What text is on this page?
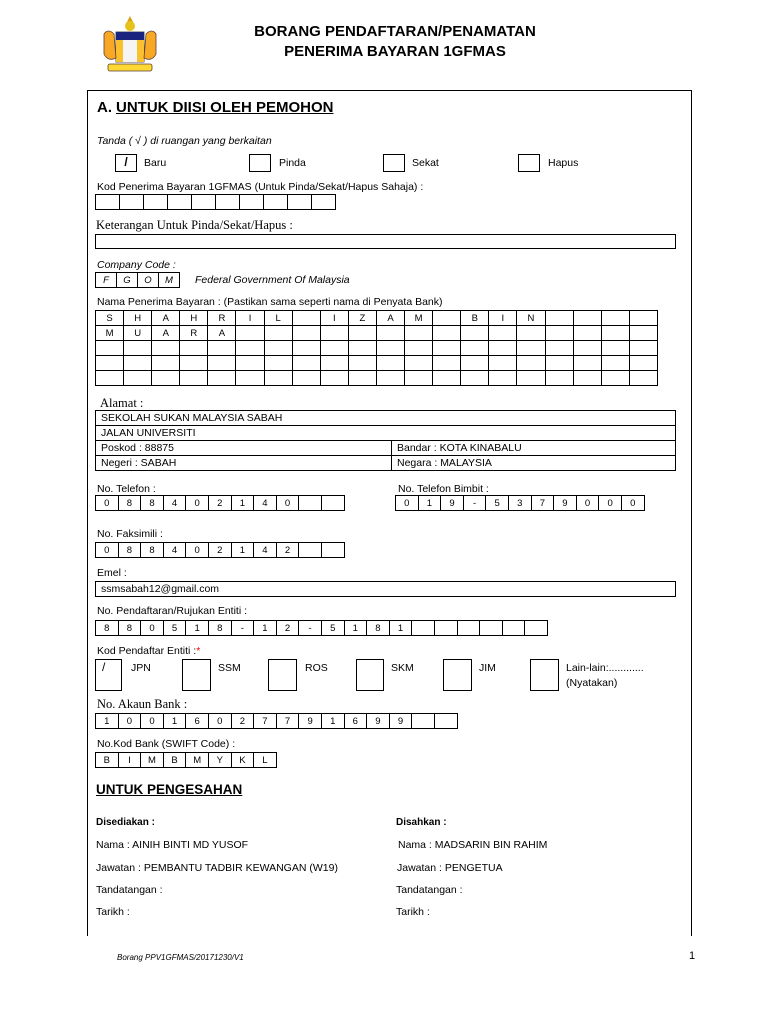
BORANG PENDAFTARAN/PENAMATAN
PENERIMA BAYARAN 1GFMAS
A. UNTUK DIISI OLEH PEMOHON
Tanda ( √ ) di ruangan yang berkaitan
/	Baru	Pinda	Sekat	Hapus
Kod Penerima Bayaran 1GFMAS (Untuk Pinda/Sekat/Hapus Sahaja) :

Keterangan Untuk Pinda/Sekat/Hapus :
Company Code :
F	G	O	M Federal Government Of Malaysia
Nama Penerima Bayaran : (Pastikan sama seperti nama di Penyata Bank)
S	H	A	H	R	I	L		I	Z	A	M		B	I	N				
M	U	A	R	A															

Alamat :
SEKOLAH SUKAN MALAYSIA SABAH	
JALAN UNIVERSITI	
Poskod : 88875	Bandar : KOTA KINABALU
Negeri : SABAH	Negara : MALAYSIA
No. Telefon :
0	8	8	4	0	2	1	4	0		
No. Telefon Bimbit :
0	1	9	-	5	3	7	9	0	0	0
No. Faksimili :
0	8	8	4	0	2	1	4	2		
Emel :
ssmsabah12@gmail.com
No. Pendaftaran/Rujukan Entiti :
8	8	0	5	1	8	-	1	2	-	5	1	8	1						
Kod Pendaftar Entiti :*
/	JPN	SSM	ROS	SKM	JIM	Lain-lain:............
(Nyatakan)
No. Akaun Bank :
1	0	0	1	6	0	2	7	7	9	1	6	9	9		
No.Kod Bank (SWIFT Code) :
B	I	M	B	M	Y	K	L
UNTUK PENGESAHAN
Disediakan :	Disahkan :
Nama : AINIH BINTI MD YUSOF	Nama : MADSARIN BIN RAHIM
Jawatan : PEMBANTU TADBIR KEWANGAN (W19)	Jawatan : PENGETUA
Tandatangan :	Tandatangan :
Tarikh :	Tarikh :
Borang PPV1GFMAS/20171230/V1	1
